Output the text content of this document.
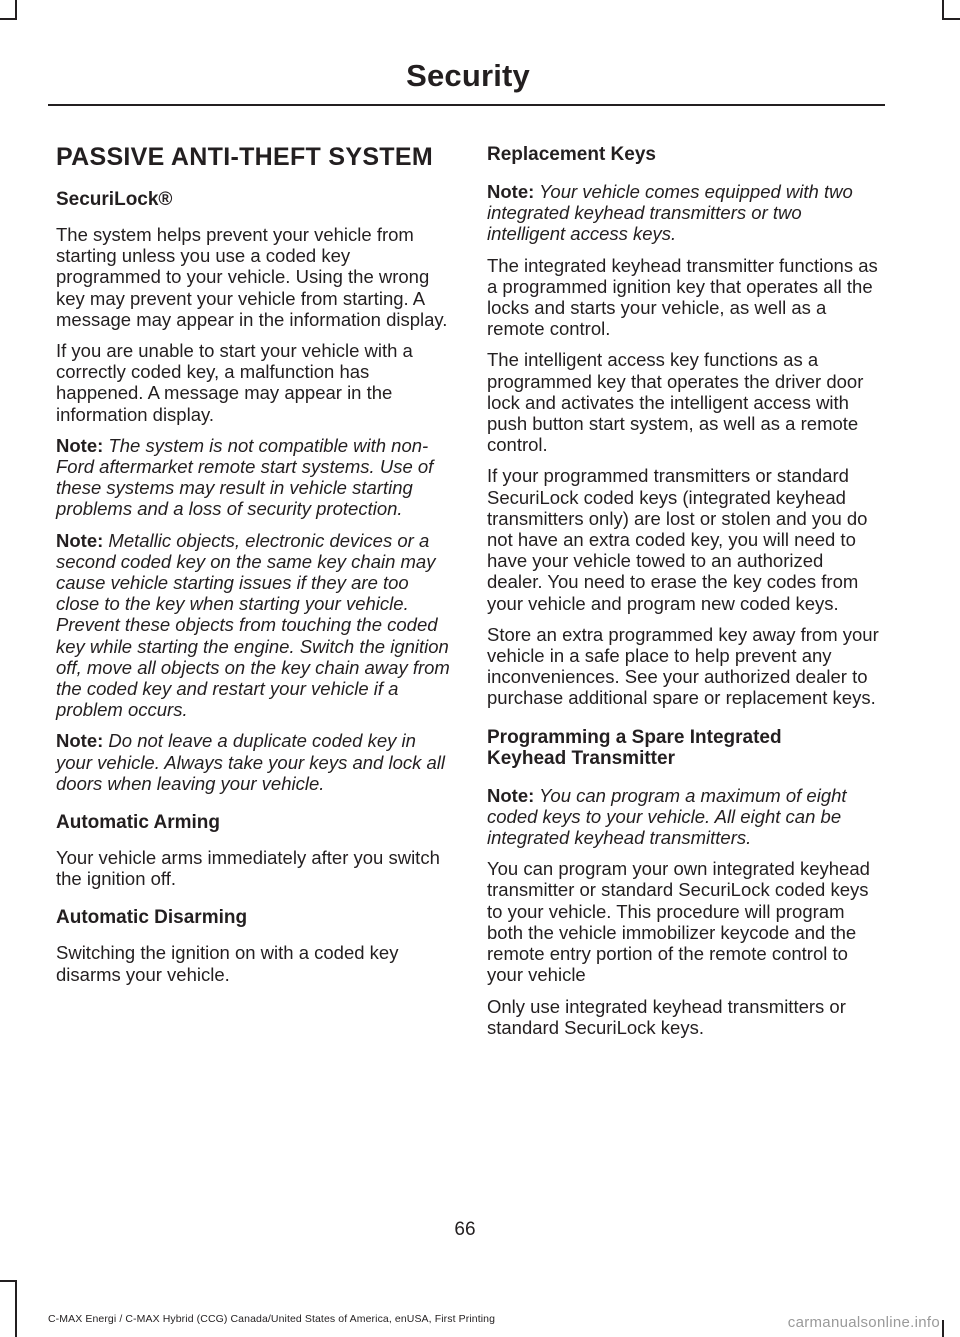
Security
PASSIVE ANTI-THEFT SYSTEM
SecuriLock®

The system helps prevent your vehicle from starting unless you use a coded key programmed to your vehicle. Using the wrong key may prevent your vehicle from starting. A message may appear in the information display.

If you are unable to start your vehicle with a correctly coded key, a malfunction has happened. A message may appear in the information display.

Note: The system is not compatible with non-Ford aftermarket remote start systems. Use of these systems may result in vehicle starting problems and a loss of security protection.

Note: Metallic objects, electronic devices or a second coded key on the same key chain may cause vehicle starting issues if they are too close to the key when starting your vehicle. Prevent these objects from touching the coded key while starting the engine. Switch the ignition off, move all objects on the key chain away from the coded key and restart your vehicle if a problem occurs.

Note: Do not leave a duplicate coded key in your vehicle. Always take your keys and lock all doors when leaving your vehicle.

Automatic Arming

Your vehicle arms immediately after you switch the ignition off.

Automatic Disarming

Switching the ignition on with a coded key disarms your vehicle.

Replacement Keys

Note: Your vehicle comes equipped with two integrated keyhead transmitters or two intelligent access keys.

The integrated keyhead transmitter functions as a programmed ignition key that operates all the locks and starts your vehicle, as well as a remote control.

The intelligent access key functions as a programmed key that operates the driver door lock and activates the intelligent access with push button start system, as well as a remote control.

If your programmed transmitters or standard SecuriLock coded keys (integrated keyhead transmitters only) are lost or stolen and you do not have an extra coded key, you will need to have your vehicle towed to an authorized dealer. You need to erase the key codes from your vehicle and program new coded keys.

Store an extra programmed key away from your vehicle in a safe place to help prevent any inconveniences. See your authorized dealer to purchase additional spare or replacement keys.

Programming a Spare Integrated Keyhead Transmitter

Note: You can program a maximum of eight coded keys to your vehicle. All eight can be integrated keyhead transmitters.

You can program your own integrated keyhead transmitter or standard SecuriLock coded keys to your vehicle. This procedure will program both the vehicle immobilizer keycode and the remote entry portion of the remote control to your vehicle

Only use integrated keyhead transmitters or standard SecuriLock keys.

66
C-MAX Energi / C-MAX Hybrid (CCG) Canada/United States of America, enUSA, First Printing	carmanualsonline.info
